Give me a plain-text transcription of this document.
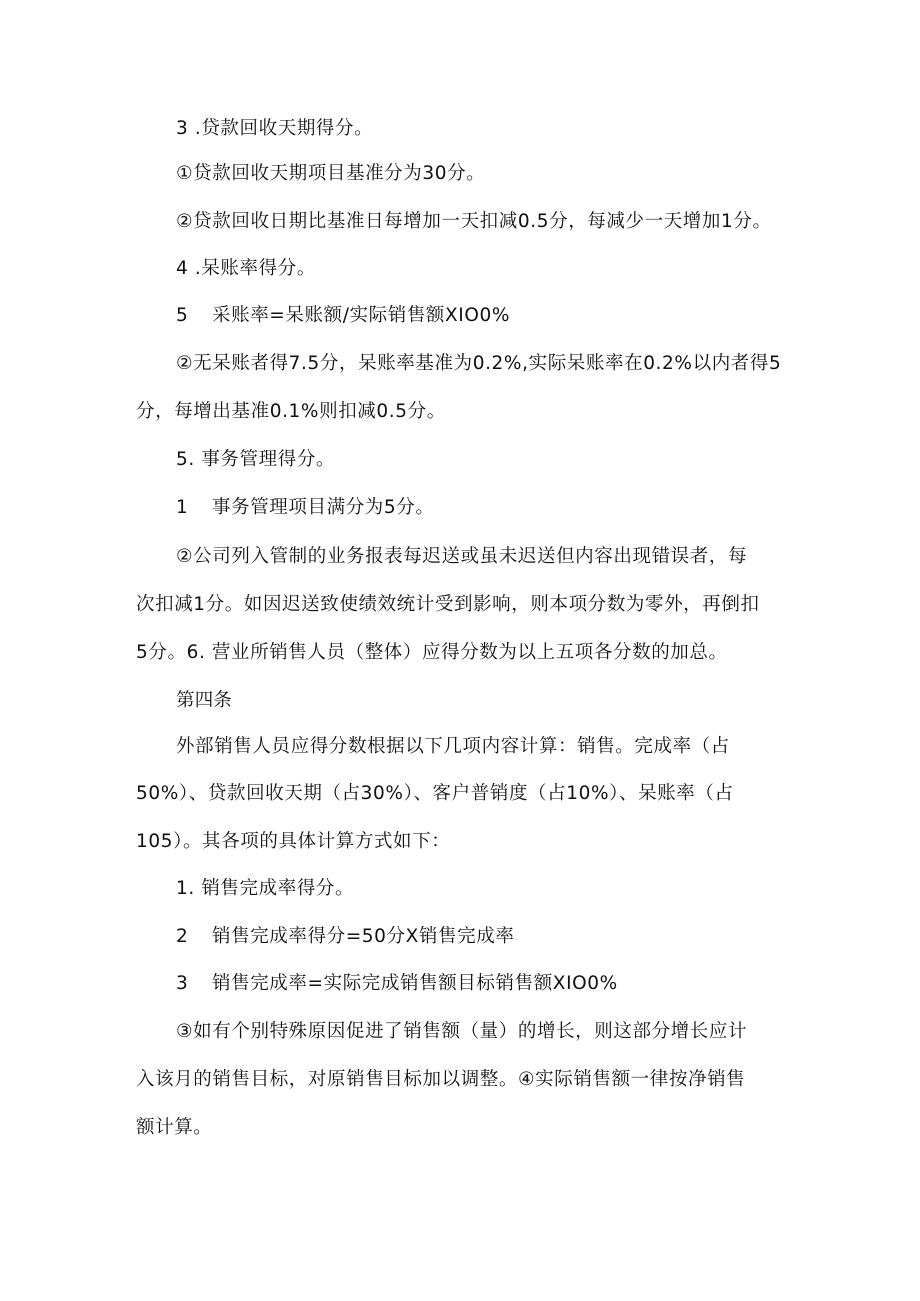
3 .贷款回收天期得分。
①贷款回收天期项目基准分为30分。
②贷款回收日期比基准日每增加一天扣减0.5分，每减少一天增加1分。
4 .呆账率得分。
5 采账率=呆账额/实际销售额XIO0%
②无呆账者得7.5分，呆账率基准为0.2%,实际呆账率在0.2%以内者得5
分，每增出基准0.1%则扣减0.5分。
5. 事务管理得分。
1 事务管理项目满分为5分。
②公司列入管制的业务报表每迟送或虽未迟送但内容出现错误者，每
次扣减1分。如因迟送致使绩效统计受到影响，则本项分数为零外，再倒扣
5分。6. 营业所销售人员（整体）应得分数为以上五项各分数的加总。
第四条
外部销售人员应得分数根据以下几项内容计算：销售。完成率（占
50%）、贷款回收天期（占30%）、客户普销度（占10%）、呆账率（占
105）。其各项的具体计算方式如下：
1. 销售完成率得分。
2 销售完成率得分=50分X销售完成率
3 销售完成率=实际完成销售额目标销售额XIO0%
③如有个别特殊原因促进了销售额（量）的增长，则这部分增长应计
入该月的销售目标，对原销售目标加以调整。④实际销售额一律按净销售
额计算。
